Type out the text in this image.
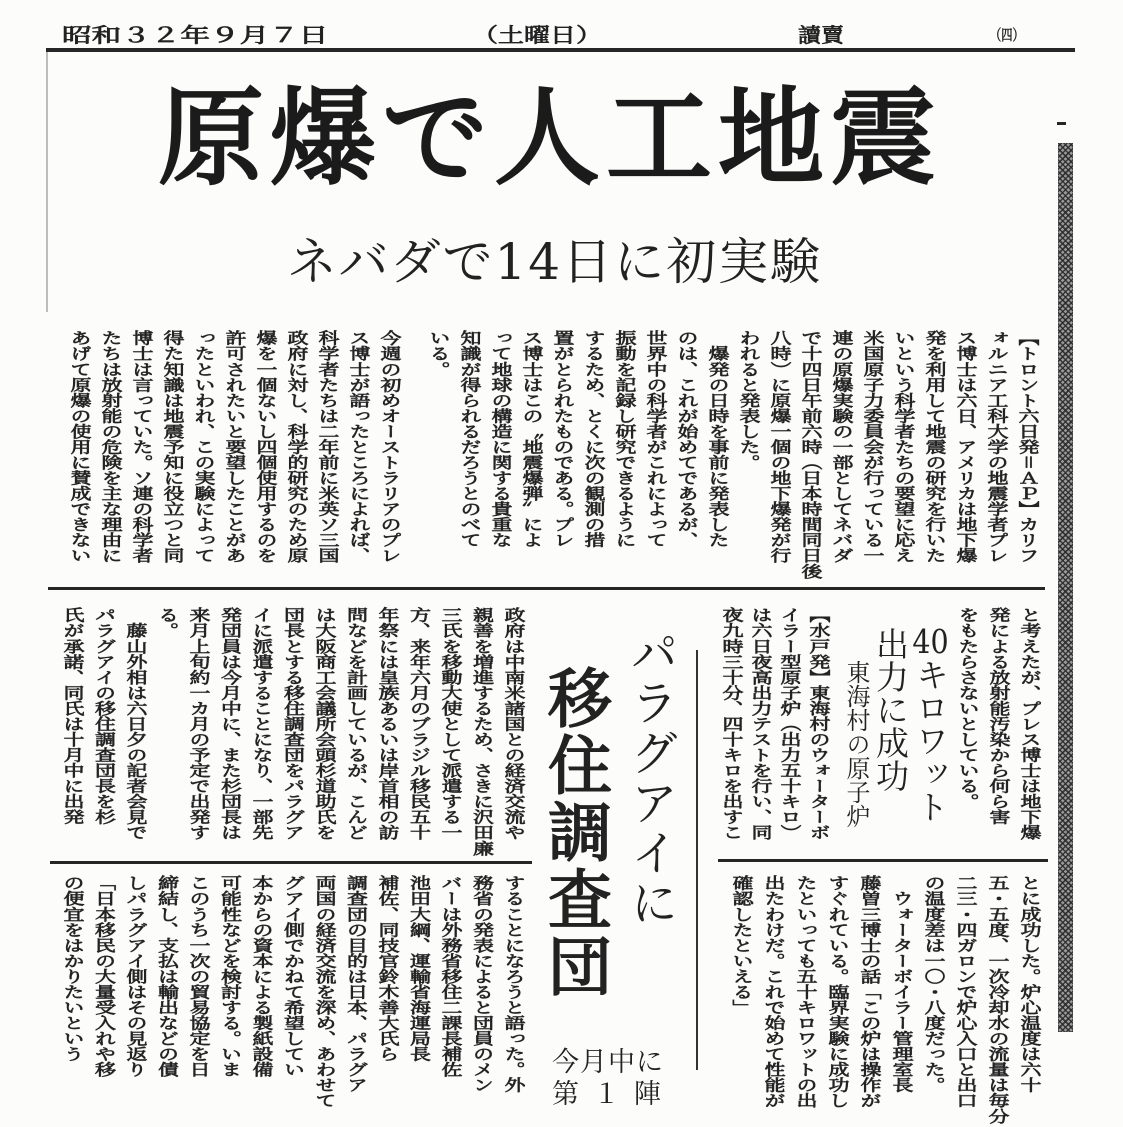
昭和３２年９月７日	（土曜日）	讀賣	（四）
原爆で人工地震
ネバダで14日に初実験
【トロント六日発＝ＡＰ】カリフ
ォルニア工科大学の地震学者プレ
ス博士は六日、アメリカは地下爆
発を利用して地震の研究を行いた
いという科学者たちの要望に応え
米国原子力委員会が行っている一
連の原爆実験の一部としてネバダ
で十四日午前六時（日本時間同日後
八時）に原爆一個の地下爆発が行
われると発表した。
　爆発の日時を事前に発表した
のは、これが始めてであるが、
世界中の科学者がこれによって
振動を記録し研究できるように
するため、とくに次の観測の措
置がとられたものである。プレ
ス博士はこの〝地震爆弾〟によ
って地球の構造に関する貴重な
知識が得られるだろうとのべて
いる。
今週の初めオーストラリアのプレ
ス博士が語ったところによれば、
科学者たちは二年前に米英ソ三国
政府に対し、科学的研究のため原
爆を一個ないし四個使用するのを
許可されたいと要望したことがあ
ったといわれ、この実験によって
得た知識は地震予知に役立つと同
博士は言っていた。ソ連の科学者
たちは放射能の危険を主な理由に
あげて原爆の使用に賛成できない
と考えたが、プレス博士は地下爆
発による放射能汚染から何ら害
をもたらさないとしている。
40キロワット
出力に成功
東海村の原子炉
【水戸発】東海村のウォーターボ
イラー型原子炉（出力五十キロ）
は六日夜高出力テストを行い、同
夜九時三十分、四十キロを出すこ
とに成功した。炉心温度は六十
五・五度、一次冷却水の流量は毎分
二三・四ガロンで炉心入口と出口
の温度差は一〇・八度だった。
　ウォーターボイラー管理室長
藤曽三博士の話「この炉は操作が
すぐれている。臨界実験に成功し
たといっても五十キロワットの出
出たわけだ。これで始めて性能が
確認したといえる」
パラグアイに
移住調査団
今月中に
第１陣
政府は中南米諸国との経済交流や
親善を増進するため、さきに沢田廉
三氏を移動大使として派遣する一
方、来年六月のブラジル移民五十
年祭には皇族あるいは岸首相の訪
問などを計画しているが、こんど
は大阪商工会議所会頭杉道助氏を
団長とする移住調査団をパラグア
イに派遣することになり、一部先
発団員は今月中に、また杉団長は
来月上旬約一カ月の予定で出発す
る。
　藤山外相は六日夕の記者会見で
パラグアイの移住調査団長を杉
氏が承諾、同氏は十月中に出発
することになろうと語った。外
務省の発表によると団員のメン
バーは外務省移住二課長補佐
池田大綱、運輸省海運局長
補佐、同技官鈴木善大氏ら
調査団の目的は日本、パラグア
両国の経済交流を深め、あわせて
グアイ側でかねて希望してい
本からの資本による製紙設備
可能性などを検討する。いま
このうち一次の貿易協定を日
締結し、支払は輸出などの債
しパラグアイ側はその見返り
「日本移民の大量受入れや移
の便宜をはかりたいという
